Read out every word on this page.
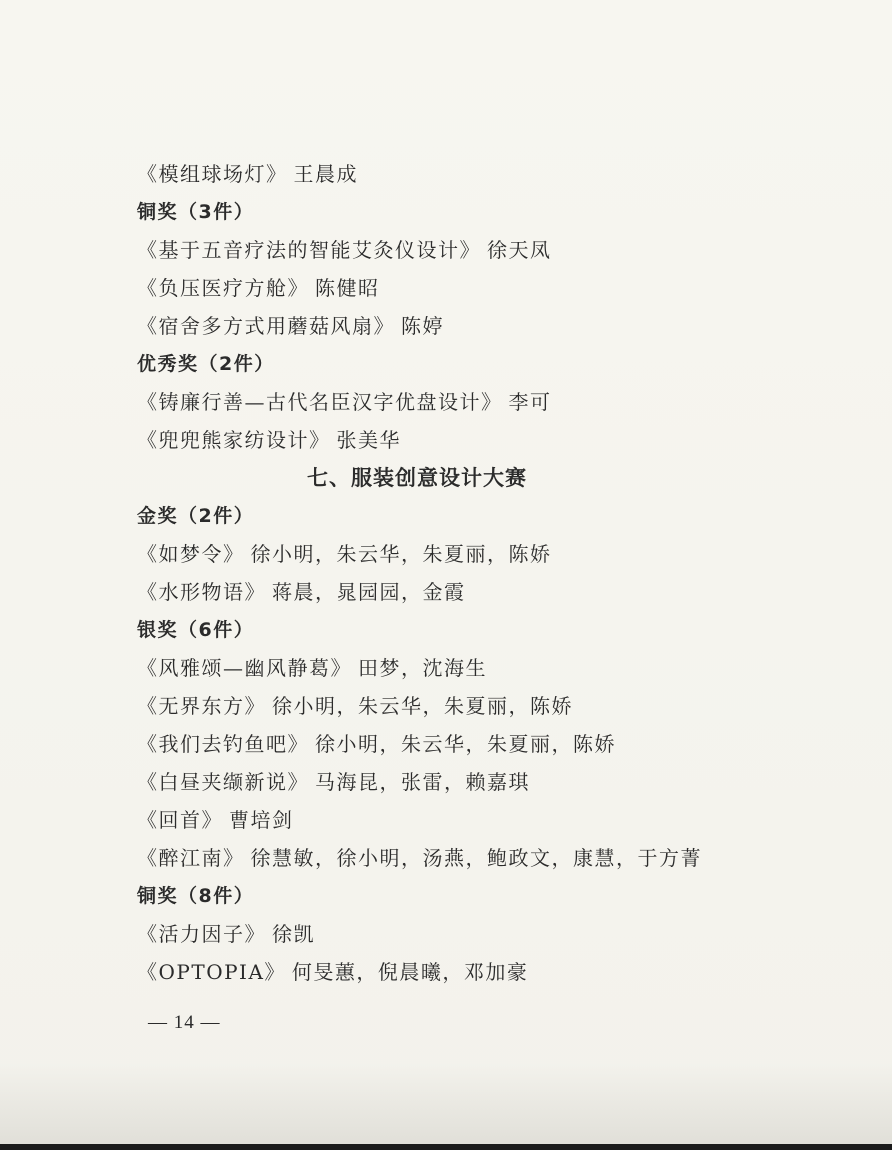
《模组球场灯》 王晨成
铜奖（3件）
《基于五音疗法的智能艾灸仪设计》 徐天凤
《负压医疗方舱》 陈健昭
《宿舍多方式用蘑菇风扇》 陈婷
优秀奖（2件）
《铸廉行善—古代名臣汉字优盘设计》 李可
《兜兜熊家纺设计》 张美华
七、服装创意设计大赛
金奖（2件）
《如梦令》 徐小明，朱云华，朱夏丽，陈娇
《水形物语》 蒋晨，晁园园，金霞
银奖（6件）
《风雅颂—幽风静葛》 田梦，沈海生
《无界东方》 徐小明，朱云华，朱夏丽，陈娇
《我们去钓鱼吧》 徐小明，朱云华，朱夏丽，陈娇
《白昼夹缬新说》 马海昆，张雷，赖嘉琪
《回首》 曹培剑
《醉江南》 徐慧敏，徐小明，汤燕，鲍政文，康慧，于方菁
铜奖（8件）
《活力因子》 徐凯
《OPTOPIA》 何旻蕙，倪晨曦，邓加豪
— 14 —
